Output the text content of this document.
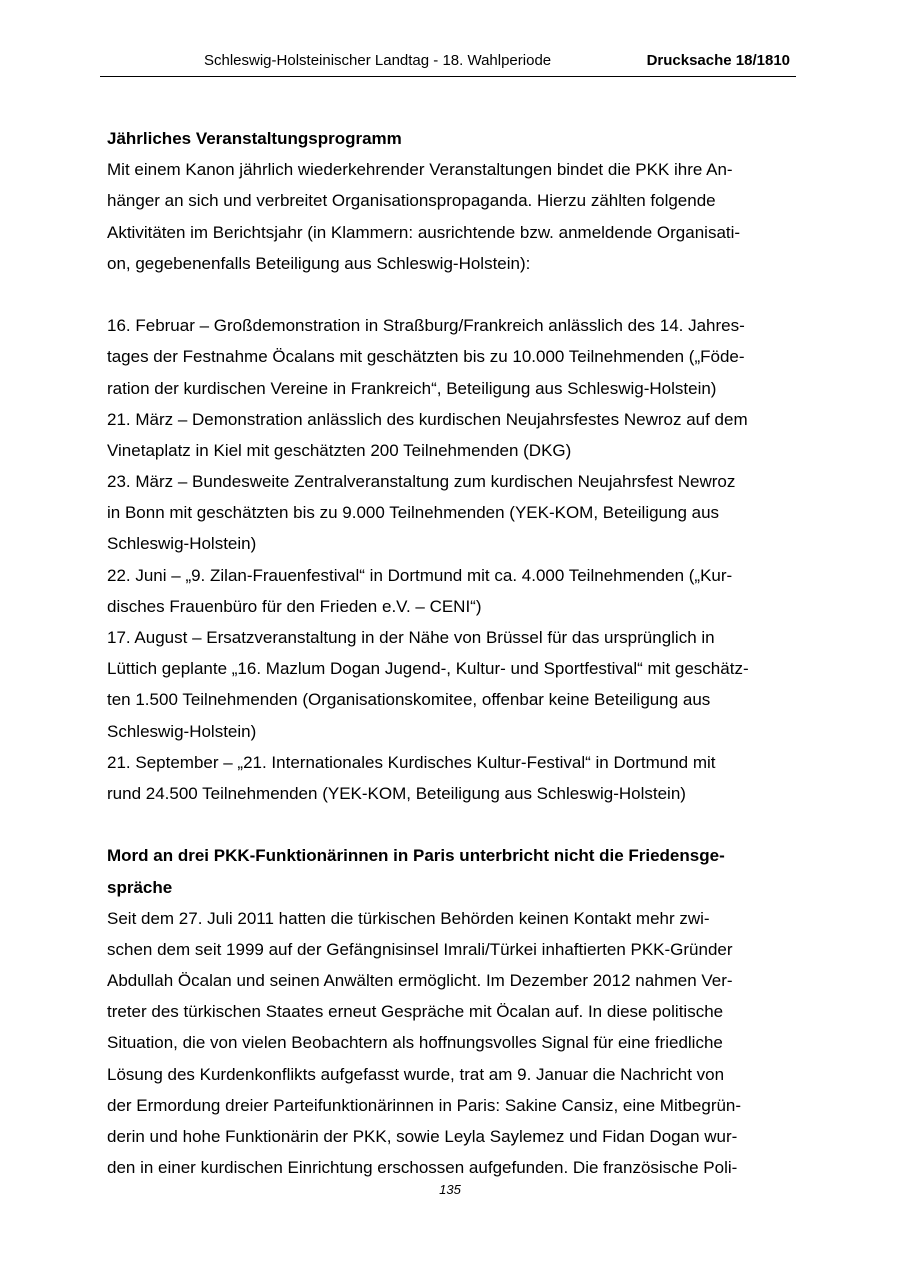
Schleswig-Holsteinischer Landtag - 18. Wahlperiode	Drucksache 18/1810
Jährliches Veranstaltungsprogramm
Mit einem Kanon jährlich wiederkehrender Veranstaltungen bindet die PKK ihre An-
hänger an sich und verbreitet Organisationspropaganda. Hierzu zählten folgende
Aktivitäten im Berichtsjahr (in Klammern: ausrichtende bzw. anmeldende Organisati-
on, gegebenenfalls Beteiligung aus Schleswig-Holstein):
16. Februar – Großdemonstration in Straßburg/Frankreich anlässlich des 14. Jahres-
tages der Festnahme Öcalans mit geschätzten bis zu 10.000 Teilnehmenden („Föde-
ration der kurdischen Vereine in Frankreich“, Beteiligung aus Schleswig-Holstein)
21. März – Demonstration anlässlich des kurdischen Neujahrsfestes Newroz auf dem
Vinetaplatz in Kiel mit geschätzten 200 Teilnehmenden (DKG)
23. März – Bundesweite Zentralveranstaltung zum kurdischen Neujahrsfest Newroz
in Bonn mit geschätzten bis zu 9.000 Teilnehmenden (YEK-KOM, Beteiligung aus
Schleswig-Holstein)
22. Juni – „9. Zilan-Frauenfestival“ in Dortmund mit ca. 4.000 Teilnehmenden („Kur-
disches Frauenbüro für den Frieden e.V. – CENI“)
17. August – Ersatzveranstaltung in der Nähe von Brüssel für das ursprünglich in
Lüttich geplante „16. Mazlum Dogan Jugend-, Kultur- und Sportfestival“ mit geschätz-
ten 1.500 Teilnehmenden (Organisationskomitee, offenbar keine Beteiligung aus
Schleswig-Holstein)
21. September – „21. Internationales Kurdisches Kultur-Festival“ in Dortmund mit
rund 24.500 Teilnehmenden (YEK-KOM, Beteiligung aus Schleswig-Holstein)
Mord an drei PKK-Funktionärinnen in Paris unterbricht nicht die Friedensge-
spräche
Seit dem 27. Juli 2011 hatten die türkischen Behörden keinen Kontakt mehr zwi-
schen dem seit 1999 auf der Gefängnisinsel Imrali/Türkei inhaftierten PKK-Gründer
Abdullah Öcalan und seinen Anwälten ermöglicht. Im Dezember 2012 nahmen Ver-
treter des türkischen Staates erneut Gespräche mit Öcalan auf. In diese politische
Situation, die von vielen Beobachtern als hoffnungsvolles Signal für eine friedliche
Lösung des Kurdenkonflikts aufgefasst wurde, trat am 9. Januar die Nachricht von
der Ermordung dreier Parteifunktionärinnen in Paris: Sakine Cansiz, eine Mitbegrün-
derin und hohe Funktionärin der PKK, sowie Leyla Saylemez und Fidan Dogan wur-
den in einer kurdischen Einrichtung erschossen aufgefunden. Die französische Poli-
135
